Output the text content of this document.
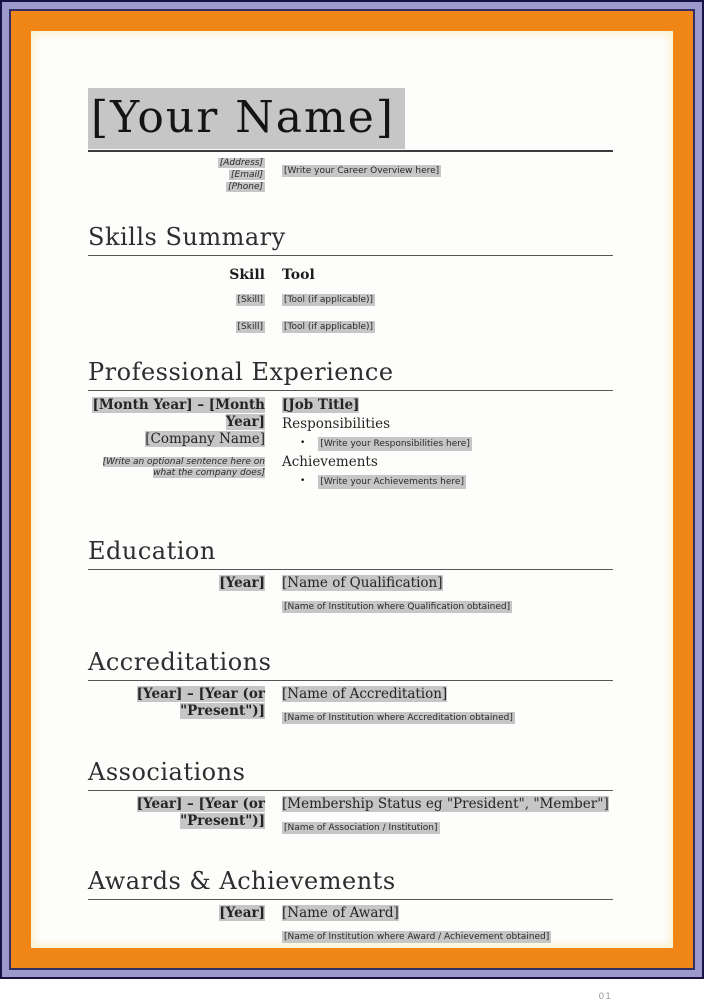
[Your Name]
[Address]
[Email]
[Phone]
[Write your Career Overview here]
Skills Summary
Skill Tool
[Skill] [Tool (if applicable)]
[Skill] [Tool (if applicable)]
Professional Experience
[Month Year] – [Month Year]
[Company Name]
[Write an optional sentence here on what the company does]
[Job Title]
Responsibilities
• [Write your Responsibilities here]
Achievements
• [Write your Achievements here]
Education
[Year] [Name of Qualification]
[Name of Institution where Qualification obtained]
Accreditations
[Year] – [Year (or "Present")]
[Name of Accreditation]
[Name of Institution where Accreditation obtained]
Associations
[Year] – [Year (or "Present")]
[Membership Status eg "President", "Member"]
[Name of Association / Institution]
Awards & Achievements
[Year] [Name of Award]
[Name of Institution where Award / Achievement obtained]
01
